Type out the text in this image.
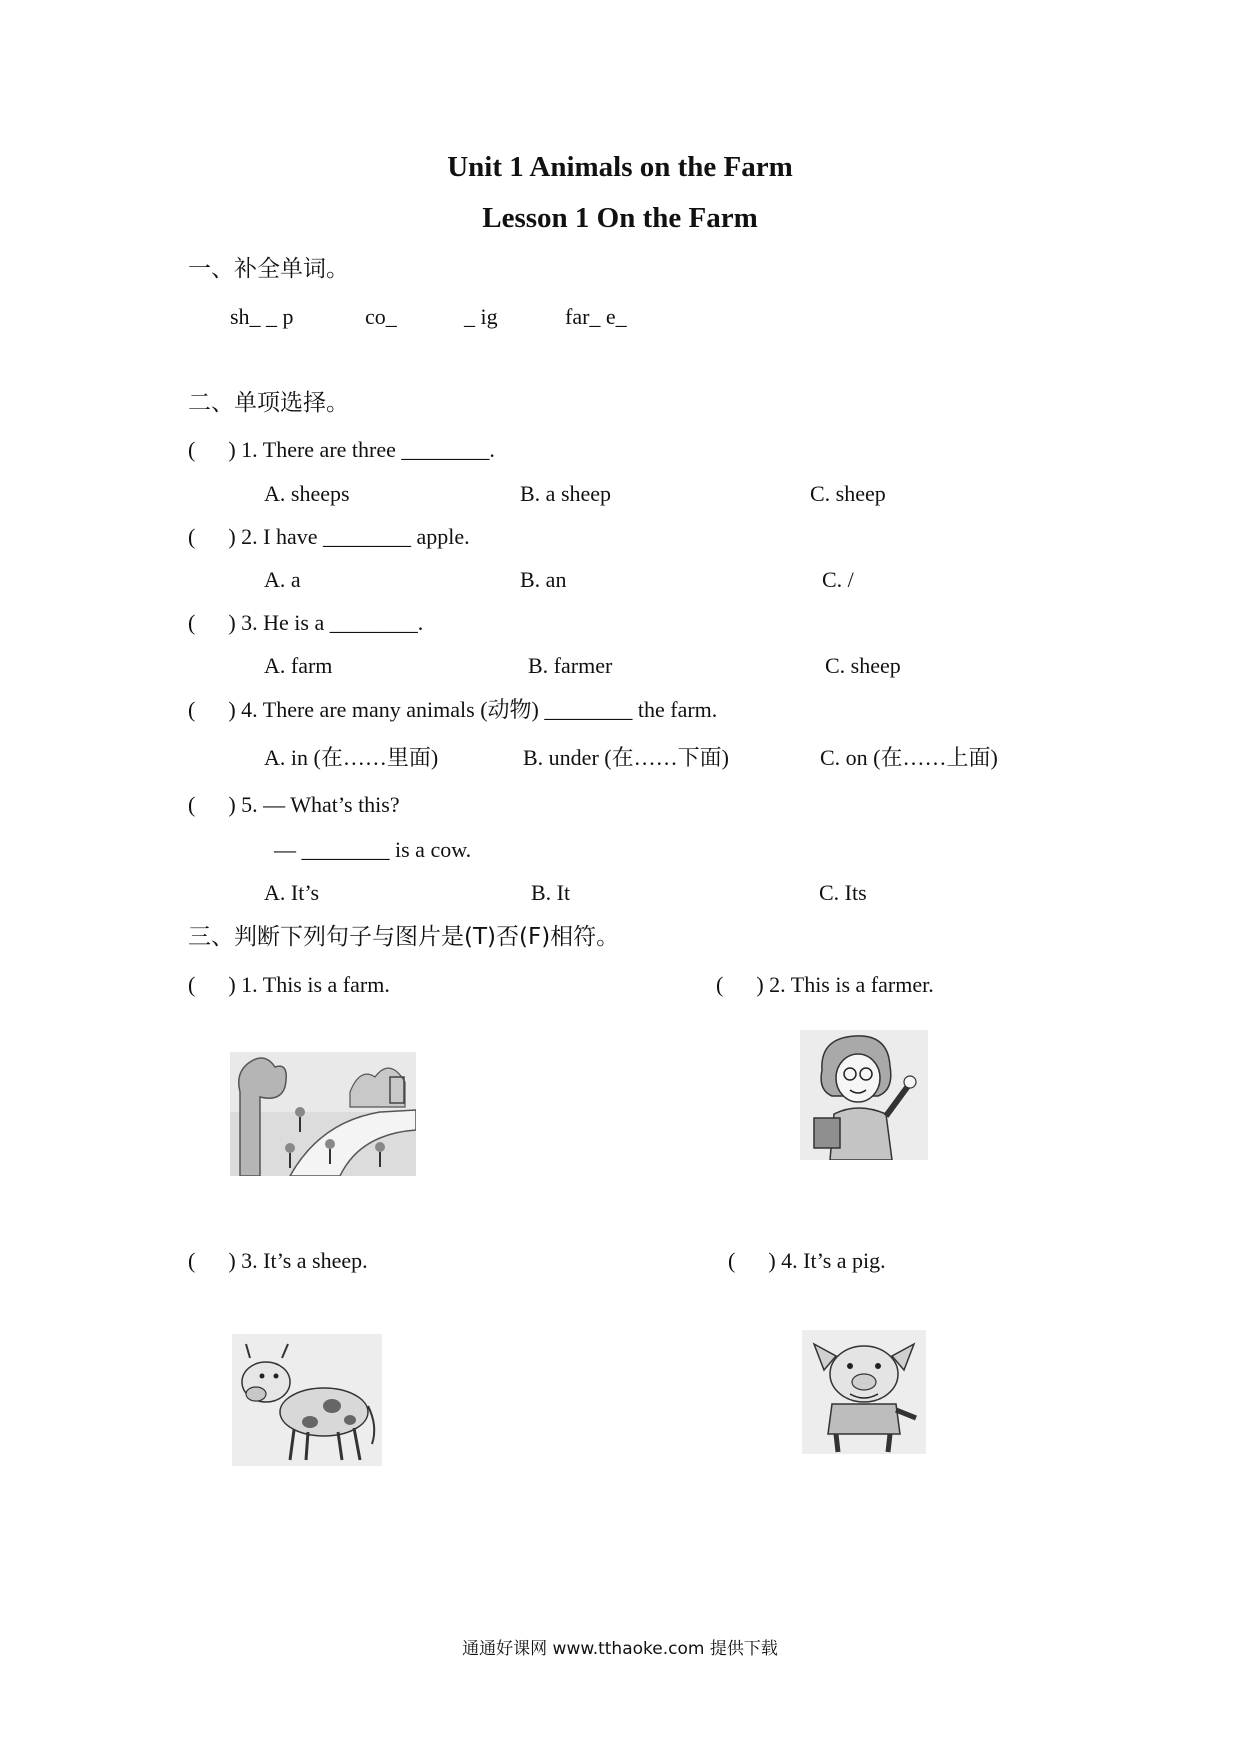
Unit 1 Animals on the Farm
Lesson 1 On the Farm
一、补全单词。
sh_ _ p	co_	_ ig	far_ e_
二、单项选择。
(      ) 1. There are three ________.
A. sheeps	B. a sheep	C. sheep
(      ) 2. I have ________ apple.
A. a	B. an	C. /
(      ) 3. He is a ________.
A. farm	B. farmer	C. sheep
(      ) 4. There are many animals (动物) ________ the farm.
A. in (在……里面)	B. under (在……下面)	C. on (在……上面)
(      ) 5. — What’s this?
— ________ is a cow.
A. It’s	B. It	C. Its
三、判断下列句子与图片是(T)否(F)相符。
(      ) 1. This is a farm.	(      ) 2. This is a farmer.
(      ) 3. It’s a sheep.	(      ) 4. It’s a pig.
通通好课网 www.tthaoke.com 提供下载
